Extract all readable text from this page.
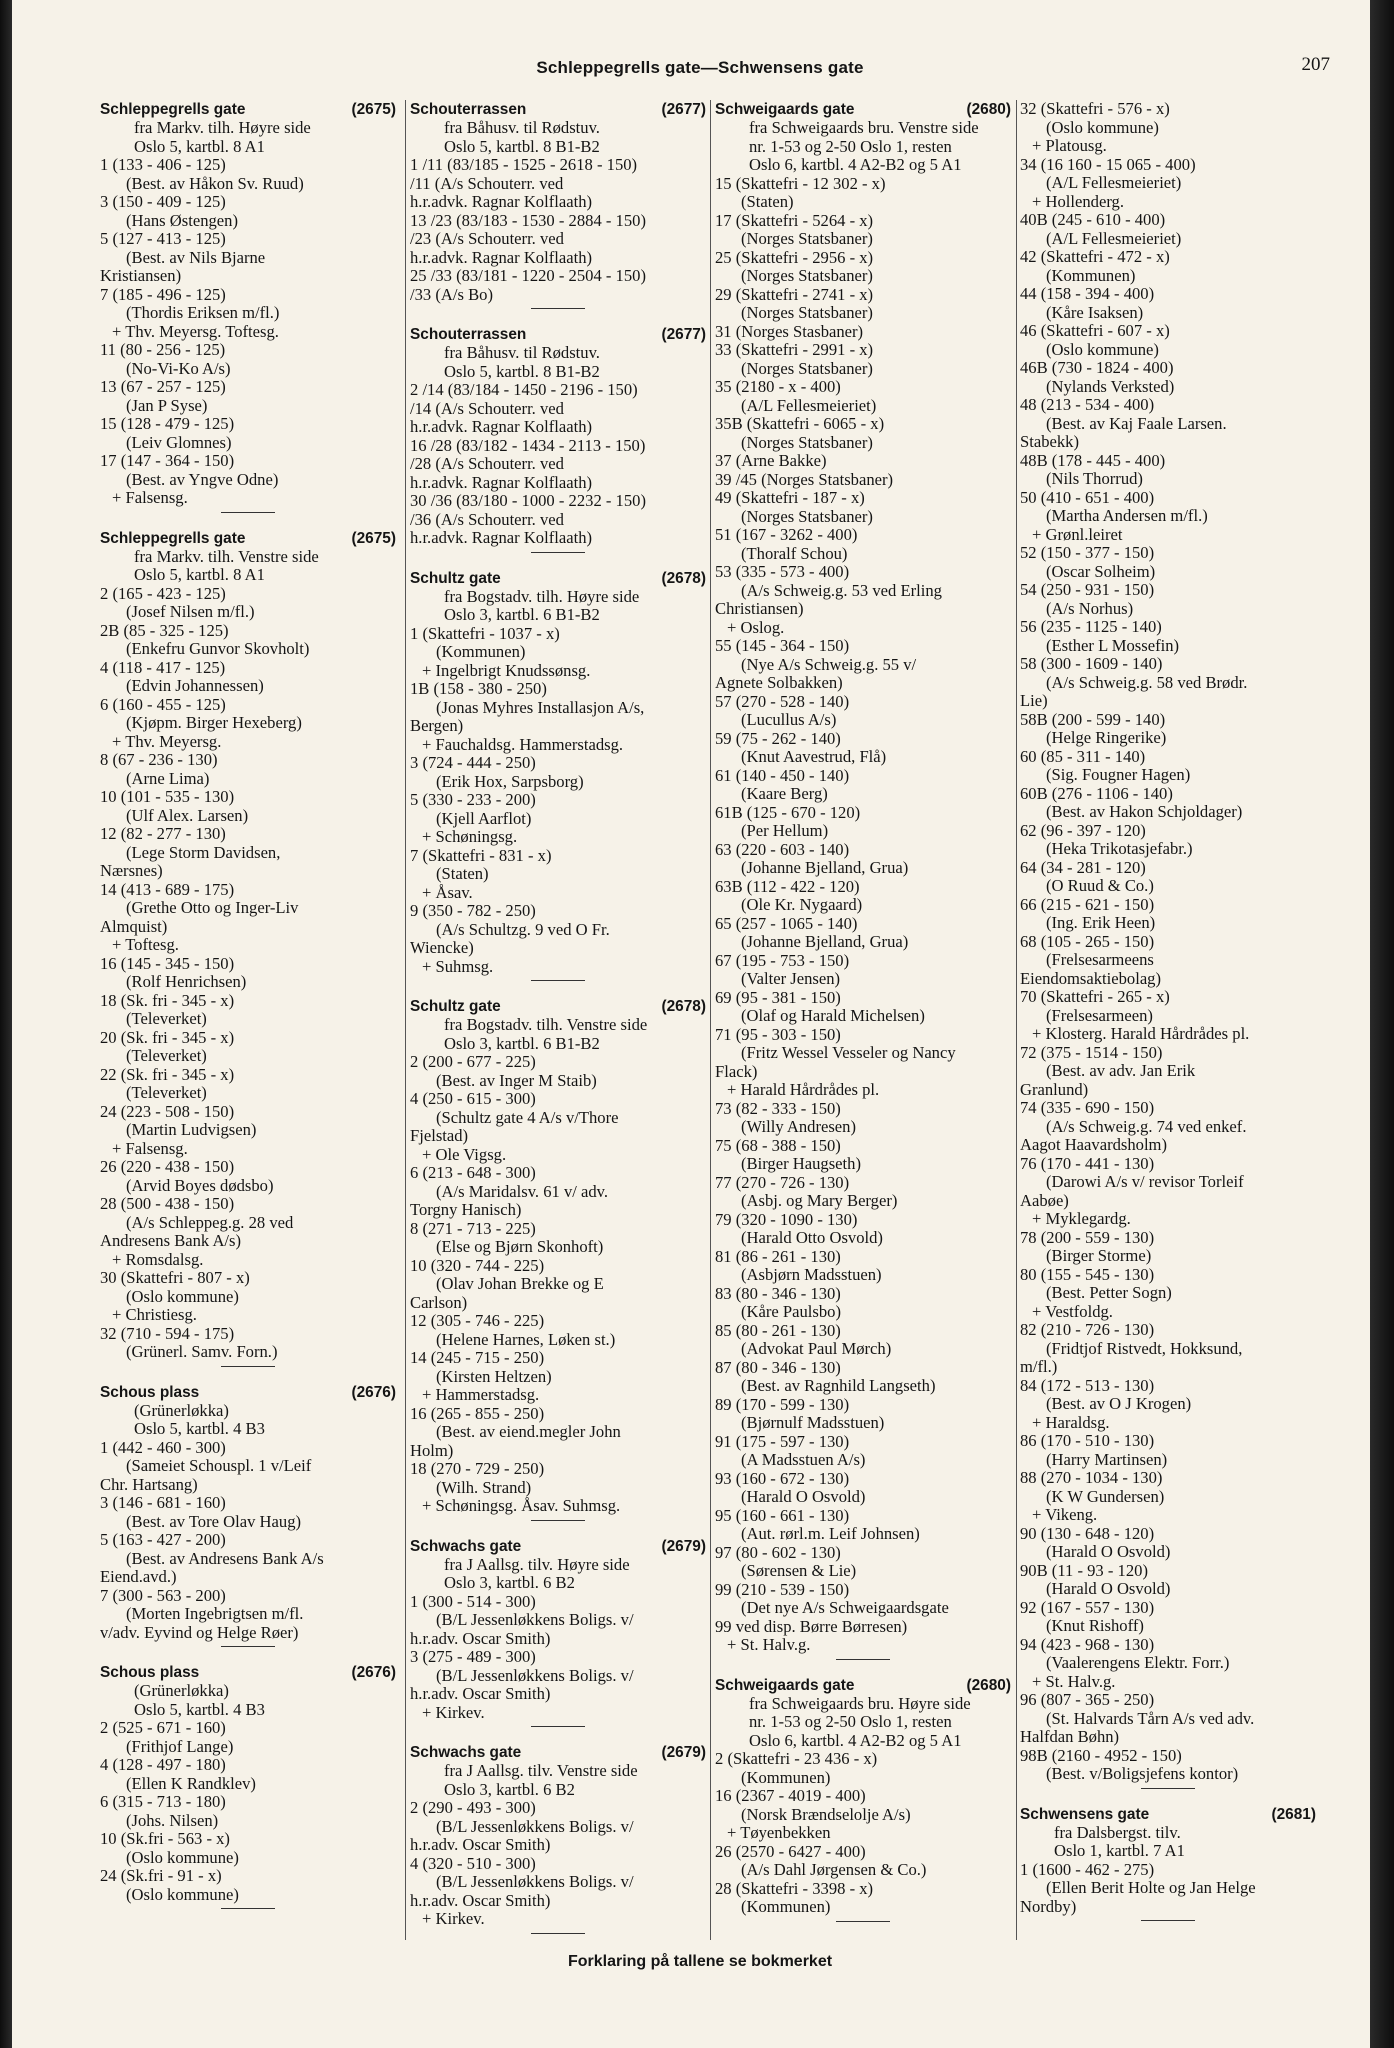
Schleppegrells gate—Schwensens gate	207
Schleppegrells gate	(2675)
fra Markv. tilh. Høyre side
Oslo 5, kartbl. 8 A1
1 (133 - 406 - 125)
(Best. av Håkon Sv. Ruud)
3 (150 - 409 - 125)
(Hans Østengen)
5 (127 - 413 - 125)
(Best. av Nils Bjarne
Kristiansen)
7 (185 - 496 - 125)
(Thordis Eriksen m/fl.)
+ Thv. Meyersg. Toftesg.
11 (80 - 256 - 125)
(No-Vi-Ko A/s)
13 (67 - 257 - 125)
(Jan P Syse)
15 (128 - 479 - 125)
(Leiv Glomnes)
17 (147 - 364 - 150)
(Best. av Yngve Odne)
+ Falsensg.
Schleppegrells gate	(2675)
fra Markv. tilh. Venstre side
Oslo 5, kartbl. 8 A1
2 (165 - 423 - 125)
(Josef Nilsen m/fl.)
2B (85 - 325 - 125)
(Enkefru Gunvor Skovholt)
4 (118 - 417 - 125)
(Edvin Johannessen)
6 (160 - 455 - 125)
(Kjøpm. Birger Hexeberg)
+ Thv. Meyersg.
8 (67 - 236 - 130)
(Arne Lima)
10 (101 - 535 - 130)
(Ulf Alex. Larsen)
12 (82 - 277 - 130)
(Lege Storm Davidsen,
Nærsnes)
14 (413 - 689 - 175)
(Grethe Otto og Inger-Liv
Almquist)
+ Toftesg.
16 (145 - 345 - 150)
(Rolf Henrichsen)
18 (Sk. fri - 345 - x)
(Televerket)
20 (Sk. fri - 345 - x)
(Televerket)
22 (Sk. fri - 345 - x)
(Televerket)
24 (223 - 508 - 150)
(Martin Ludvigsen)
+ Falsensg.
26 (220 - 438 - 150)
(Arvid Boyes dødsbo)
28 (500 - 438 - 150)
(A/s Schleppeg.g. 28 ved
Andresens Bank A/s)
+ Romsdalsg.
30 (Skattefri - 807 - x)
(Oslo kommune)
+ Christiesg.
32 (710 - 594 - 175)
(Grünerl. Samv. Forn.)
Schous plass	(2676)
(Grünerløkka)
Oslo 5, kartbl. 4 B3
1 (442 - 460 - 300)
(Sameiet Schouspl. 1 v/Leif
Chr. Hartsang)
3 (146 - 681 - 160)
(Best. av Tore Olav Haug)
5 (163 - 427 - 200)
(Best. av Andresens Bank A/s
Eiend.avd.)
7 (300 - 563 - 200)
(Morten Ingebrigtsen m/fl.
v/adv. Eyvind og Helge Røer)
Schous plass	(2676)
(Grünerløkka)
Oslo 5, kartbl. 4 B3
2 (525 - 671 - 160)
(Frithjof Lange)
4 (128 - 497 - 180)
(Ellen K Randklev)
6 (315 - 713 - 180)
(Johs. Nilsen)
10 (Sk.fri - 563 - x)
(Oslo kommune)
24 (Sk.fri - 91 - x)
(Oslo kommune)
Schouterrassen	(2677)
fra Båhusv. til Rødstuv.
Oslo 5, kartbl. 8 B1-B2
1 /11 (83/185 - 1525 - 2618 - 150)
/11 (A/s Schouterr. ved
h.r.advk. Ragnar Kolflaath)
13 /23 (83/183 - 1530 - 2884 - 150)
/23 (A/s Schouterr. ved
h.r.advk. Ragnar Kolflaath)
25 /33 (83/181 - 1220 - 2504 - 150)
/33 (A/s Bo)
Schouterrassen	(2677)
fra Båhusv. til Rødstuv.
Oslo 5, kartbl. 8 B1-B2
2 /14 (83/184 - 1450 - 2196 - 150)
/14 (A/s Schouterr. ved
h.r.advk. Ragnar Kolflaath)
16 /28 (83/182 - 1434 - 2113 - 150)
/28 (A/s Schouterr. ved
h.r.advk. Ragnar Kolflaath)
30 /36 (83/180 - 1000 - 2232 - 150)
/36 (A/s Schouterr. ved
h.r.advk. Ragnar Kolflaath)
Schultz gate	(2678)
fra Bogstadv. tilh. Høyre side
Oslo 3, kartbl. 6 B1-B2
1 (Skattefri - 1037 - x)
(Kommunen)
+ Ingelbrigt Knudssønsg.
1B (158 - 380 - 250)
(Jonas Myhres Installasjon A/s,
Bergen)
+ Fauchaldsg. Hammerstadsg.
3 (724 - 444 - 250)
(Erik Hox, Sarpsborg)
5 (330 - 233 - 200)
(Kjell Aarflot)
+ Schøningsg.
7 (Skattefri - 831 - x)
(Staten)
+ Åsav.
9 (350 - 782 - 250)
(A/s Schultzg. 9 ved O Fr.
Wiencke)
+ Suhmsg.
Schultz gate	(2678)
fra Bogstadv. tilh. Venstre side
Oslo 3, kartbl. 6 B1-B2
2 (200 - 677 - 225)
(Best. av Inger M Staib)
4 (250 - 615 - 300)
(Schultz gate 4 A/s v/Thore
Fjelstad)
+ Ole Vigsg.
6 (213 - 648 - 300)
(A/s Maridalsv. 61 v/ adv.
Torgny Hanisch)
8 (271 - 713 - 225)
(Else og Bjørn Skonhoft)
10 (320 - 744 - 225)
(Olav Johan Brekke og E
Carlson)
12 (305 - 746 - 225)
(Helene Harnes, Løken st.)
14 (245 - 715 - 250)
(Kirsten Heltzen)
+ Hammerstadsg.
16 (265 - 855 - 250)
(Best. av eiend.megler John
Holm)
18 (270 - 729 - 250)
(Wilh. Strand)
+ Schøningsg. Åsav. Suhmsg.
Schwachs gate	(2679)
fra J Aallsg. tilv. Høyre side
Oslo 3, kartbl. 6 B2
1 (300 - 514 - 300)
(B/L Jessenløkkens Boligs. v/
h.r.adv. Oscar Smith)
3 (275 - 489 - 300)
(B/L Jessenløkkens Boligs. v/
h.r.adv. Oscar Smith)
+ Kirkev.
Schwachs gate	(2679)
fra J Aallsg. tilv. Venstre side
Oslo 3, kartbl. 6 B2
2 (290 - 493 - 300)
(B/L Jessenløkkens Boligs. v/
h.r.adv. Oscar Smith)
4 (320 - 510 - 300)
(B/L Jessenløkkens Boligs. v/
h.r.adv. Oscar Smith)
+ Kirkev.
Schweigaards gate	(2680)
fra Schweigaards bru. Venstre side
nr. 1-53 og 2-50 Oslo 1, resten
Oslo 6, kartbl. 4 A2-B2 og 5 A1
15 (Skattefri - 12 302 - x)
(Staten)
17 (Skattefri - 5264 - x)
(Norges Statsbaner)
25 (Skattefri - 2956 - x)
(Norges Statsbaner)
29 (Skattefri - 2741 - x)
(Norges Statsbaner)
31 (Norges Stasbaner)
33 (Skattefri - 2991 - x)
(Norges Statsbaner)
35 (2180 - x - 400)
(A/L Fellesmeieriet)
35B (Skattefri - 6065 - x)
(Norges Statsbaner)
37 (Arne Bakke)
39 /45 (Norges Statsbaner)
49 (Skattefri - 187 - x)
(Norges Statsbaner)
51 (167 - 3262 - 400)
(Thoralf Schou)
53 (335 - 573 - 400)
(A/s Schweig.g. 53 ved Erling
Christiansen)
+ Oslog.
55 (145 - 364 - 150)
(Nye A/s Schweig.g. 55 v/
Agnete Solbakken)
57 (270 - 528 - 140)
(Lucullus A/s)
59 (75 - 262 - 140)
(Knut Aavestrud, Flå)
61 (140 - 450 - 140)
(Kaare Berg)
61B (125 - 670 - 120)
(Per Hellum)
63 (220 - 603 - 140)
(Johanne Bjelland, Grua)
63B (112 - 422 - 120)
(Ole Kr. Nygaard)
65 (257 - 1065 - 140)
(Johanne Bjelland, Grua)
67 (195 - 753 - 150)
(Valter Jensen)
69 (95 - 381 - 150)
(Olaf og Harald Michelsen)
71 (95 - 303 - 150)
(Fritz Wessel Vesseler og Nancy
Flack)
+ Harald Hårdrådes pl.
73 (82 - 333 - 150)
(Willy Andresen)
75 (68 - 388 - 150)
(Birger Haugseth)
77 (270 - 726 - 130)
(Asbj. og Mary Berger)
79 (320 - 1090 - 130)
(Harald Otto Osvold)
81 (86 - 261 - 130)
(Asbjørn Madsstuen)
83 (80 - 346 - 130)
(Kåre Paulsbo)
85 (80 - 261 - 130)
(Advokat Paul Mørch)
87 (80 - 346 - 130)
(Best. av Ragnhild Langseth)
89 (170 - 599 - 130)
(Bjørnulf Madsstuen)
91 (175 - 597 - 130)
(A Madsstuen A/s)
93 (160 - 672 - 130)
(Harald O Osvold)
95 (160 - 661 - 130)
(Aut. rørl.m. Leif Johnsen)
97 (80 - 602 - 130)
(Sørensen & Lie)
99 (210 - 539 - 150)
(Det nye A/s Schweigaardsgate
99 ved disp. Børre Børresen)
+ St. Halv.g.
Schweigaards gate	(2680)
fra Schweigaards bru. Høyre side
nr. 1-53 og 2-50 Oslo 1, resten
Oslo 6, kartbl. 4 A2-B2 og 5 A1
2 (Skattefri - 23 436 - x)
(Kommunen)
16 (2367 - 4019 - 400)
(Norsk Brændselolje A/s)
+ Tøyenbekken
26 (2570 - 6427 - 400)
(A/s Dahl Jørgensen & Co.)
28 (Skattefri - 3398 - x)
(Kommunen)
32 (Skattefri - 576 - x)
(Oslo kommune)
+ Platousg.
34 (16 160 - 15 065 - 400)
(A/L Fellesmeieriet)
+ Hollenderg.
40B (245 - 610 - 400)
(A/L Fellesmeieriet)
42 (Skattefri - 472 - x)
(Kommunen)
44 (158 - 394 - 400)
(Kåre Isaksen)
46 (Skattefri - 607 - x)
(Oslo kommune)
46B (730 - 1824 - 400)
(Nylands Verksted)
48 (213 - 534 - 400)
(Best. av Kaj Faale Larsen.
Stabekk)
48B (178 - 445 - 400)
(Nils Thorrud)
50 (410 - 651 - 400)
(Martha Andersen m/fl.)
+ Grønl.leiret
52 (150 - 377 - 150)
(Oscar Solheim)
54 (250 - 931 - 150)
(A/s Norhus)
56 (235 - 1125 - 140)
(Esther L Mossefin)
58 (300 - 1609 - 140)
(A/s Schweig.g. 58 ved Brødr.
Lie)
58B (200 - 599 - 140)
(Helge Ringerike)
60 (85 - 311 - 140)
(Sig. Fougner Hagen)
60B (276 - 1106 - 140)
(Best. av Hakon Schjoldager)
62 (96 - 397 - 120)
(Heka Trikotasjefabr.)
64 (34 - 281 - 120)
(O Ruud & Co.)
66 (215 - 621 - 150)
(Ing. Erik Heen)
68 (105 - 265 - 150)
(Frelsesarmeens
Eiendomsaktiebolag)
70 (Skattefri - 265 - x)
(Frelsesarmeen)
+ Klosterg. Harald Hårdrådes pl.
72 (375 - 1514 - 150)
(Best. av adv. Jan Erik
Granlund)
74 (335 - 690 - 150)
(A/s Schweig.g. 74 ved enkef.
Aagot Haavardsholm)
76 (170 - 441 - 130)
(Darowi A/s v/ revisor Torleif
Aabøe)
+ Myklegardg.
78 (200 - 559 - 130)
(Birger Storme)
80 (155 - 545 - 130)
(Best. Petter Sogn)
+ Vestfoldg.
82 (210 - 726 - 130)
(Fridtjof Ristvedt, Hokksund,
m/fl.)
84 (172 - 513 - 130)
(Best. av O J Krogen)
+ Haraldsg.
86 (170 - 510 - 130)
(Harry Martinsen)
88 (270 - 1034 - 130)
(K W Gundersen)
+ Vikeng.
90 (130 - 648 - 120)
(Harald O Osvold)
90B (11 - 93 - 120)
(Harald O Osvold)
92 (167 - 557 - 130)
(Knut Rishoff)
94 (423 - 968 - 130)
(Vaalerengens Elektr. Forr.)
+ St. Halv.g.
96 (807 - 365 - 250)
(St. Halvards Tårn A/s ved adv.
Halfdan Bøhn)
98B (2160 - 4952 - 150)
(Best. v/Boligsjefens kontor)
Schwensens gate	(2681)
fra Dalsbergst. tilv.
Oslo 1, kartbl. 7 A1
1 (1600 - 462 - 275)
(Ellen Berit Holte og Jan Helge
Nordby)
Forklaring på tallene se bokmerket
